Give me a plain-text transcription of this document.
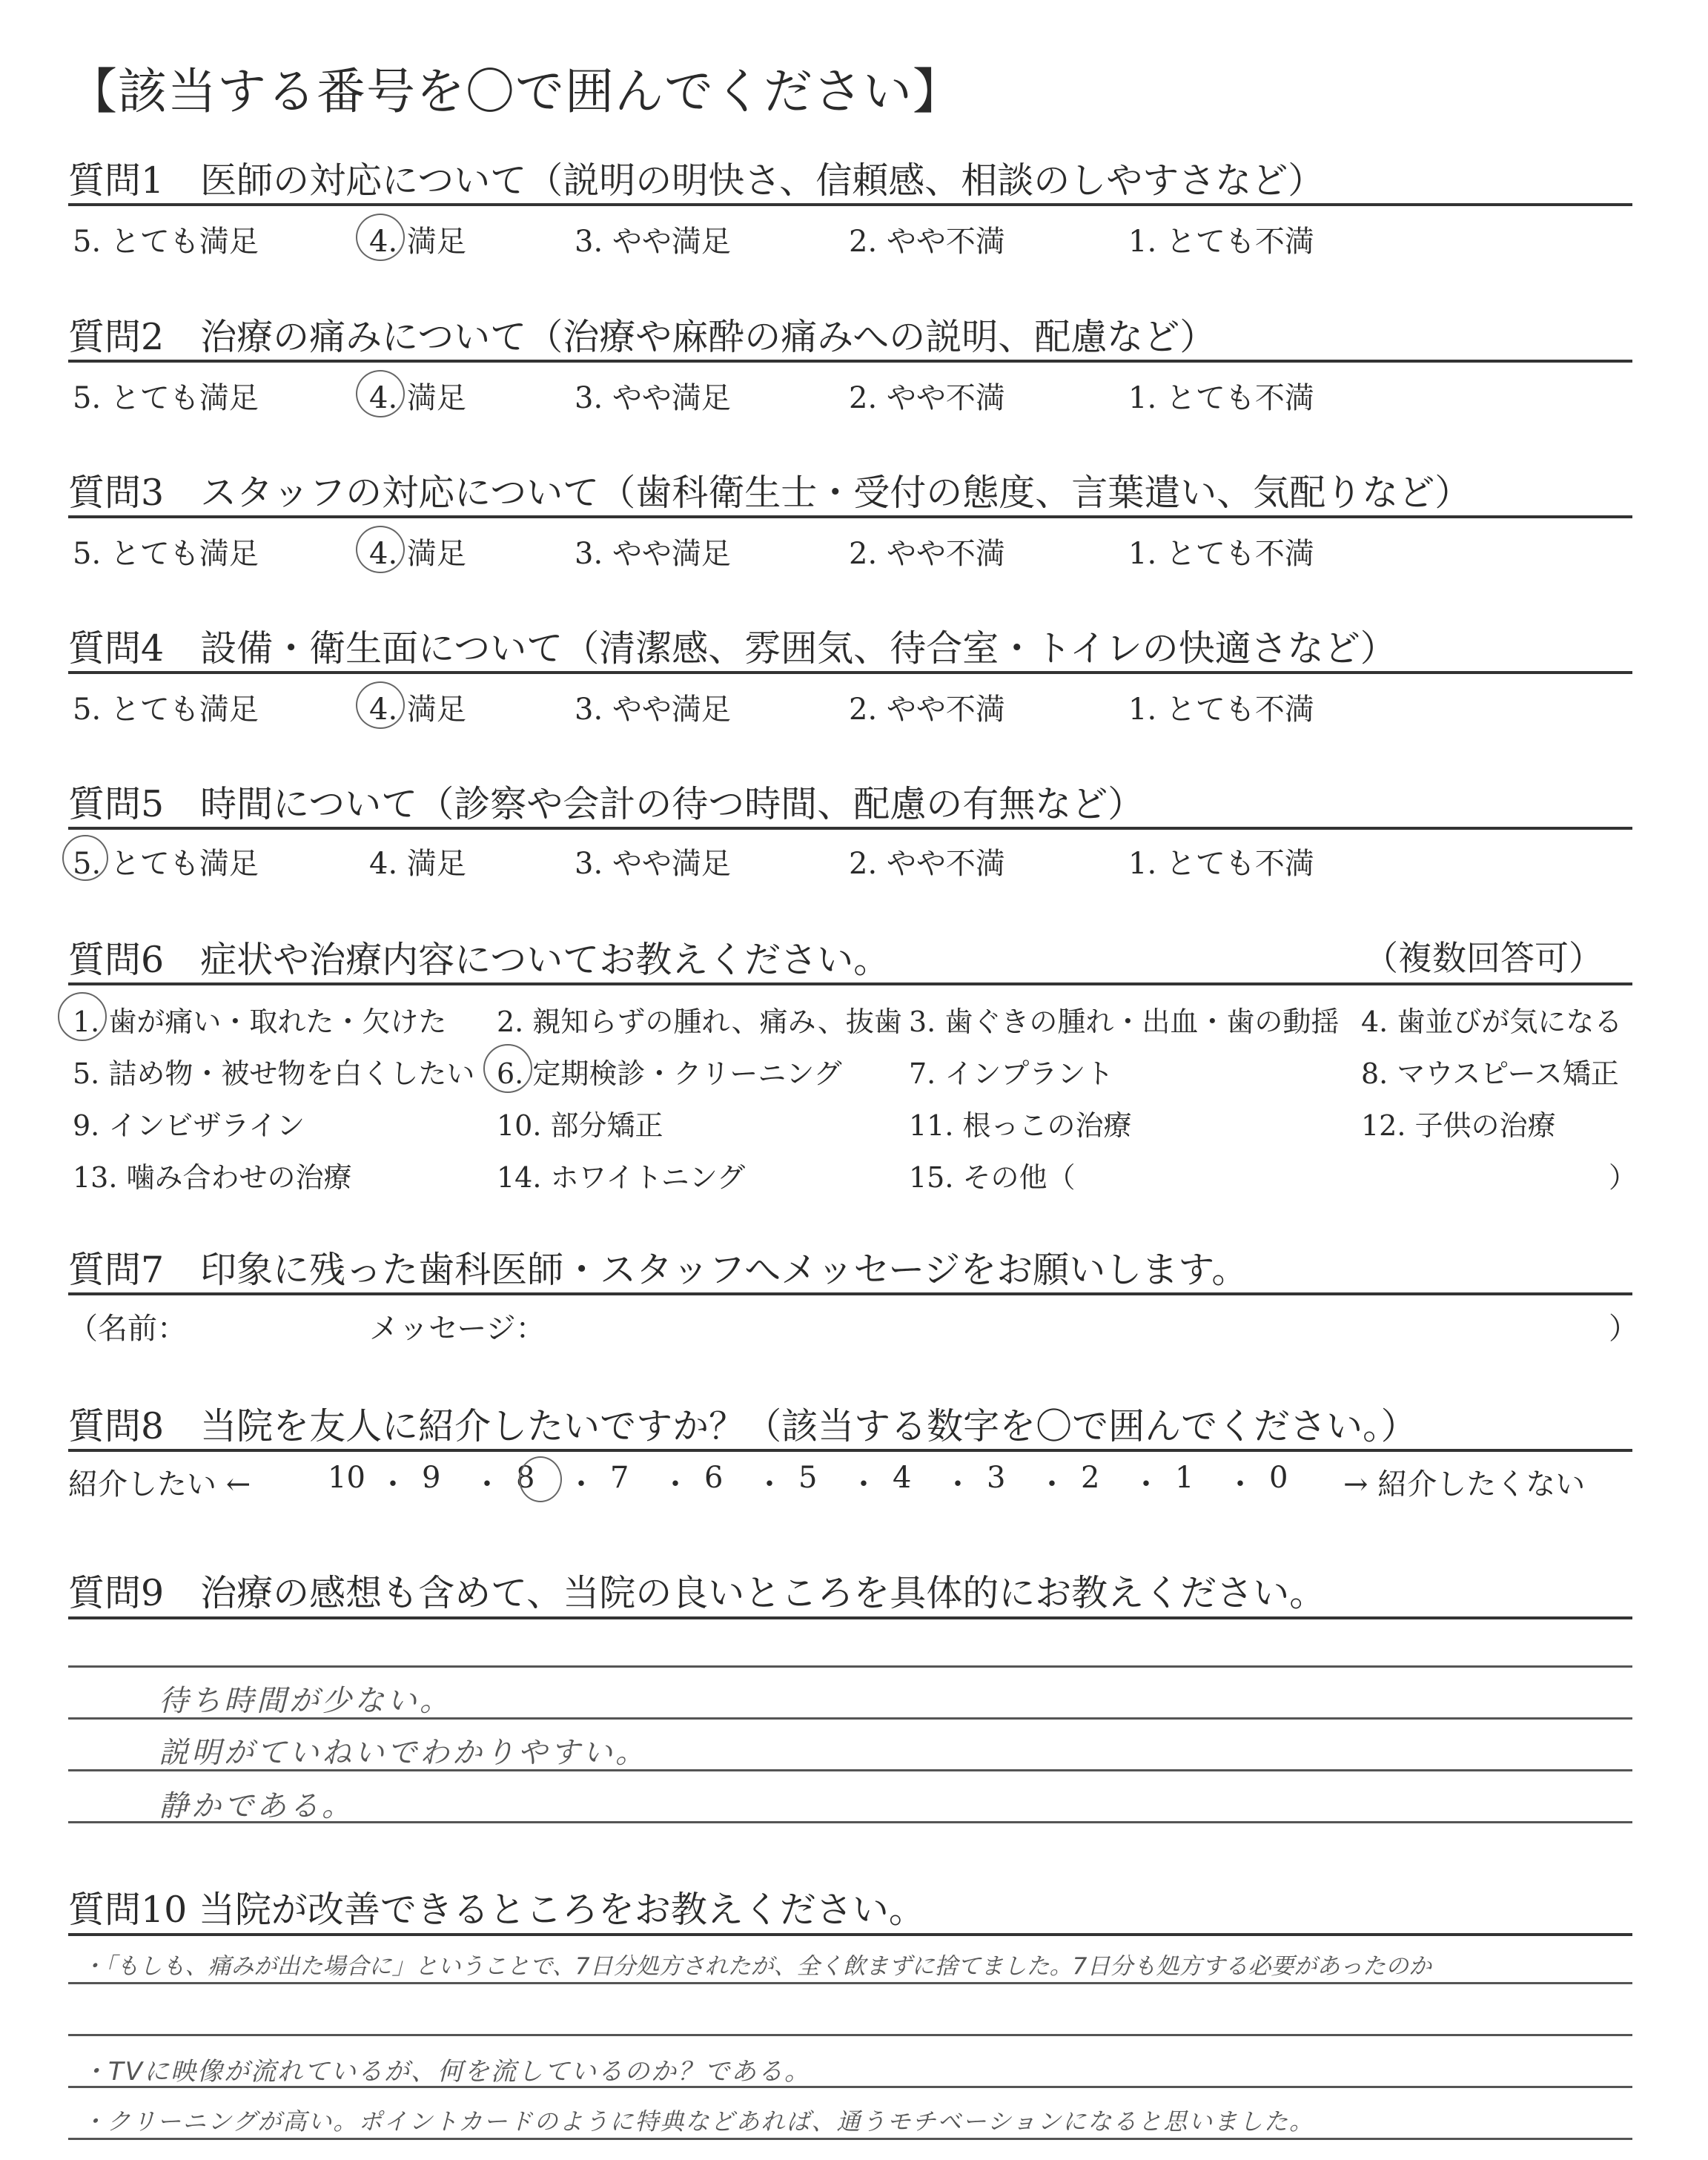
【該当する番号を〇で囲んでください】
質問1　医師の対応について（説明の明快さ、信頼感、相談のしやすさなど）
5. とても満足	4. 満足	3. やや満足	2. やや不満	1. とても不満
質問2　治療の痛みについて（治療や麻酔の痛みへの説明、配慮など）
5. とても満足	4. 満足	3. やや満足	2. やや不満	1. とても不満
質問3　スタッフの対応について（歯科衛生士・受付の態度、言葉遣い、気配りなど）
5. とても満足	4. 満足	3. やや満足	2. やや不満	1. とても不満
質問4　設備・衛生面について（清潔感、雰囲気、待合室・トイレの快適さなど）
5. とても満足	4. 満足	3. やや満足	2. やや不満	1. とても不満
質問5　時間について（診察や会計の待つ時間、配慮の有無など）
5. とても満足	4. 満足	3. やや満足	2. やや不満	1. とても不満
質問6　症状や治療内容についてお教えください。	（複数回答可）
1. 歯が痛い・取れた・欠けた 2. 親知らずの腫れ、痛み、抜歯 3. 歯ぐきの腫れ・出血・歯の動揺 4. 歯並びが気になる
5. 詰め物・被せ物を白くしたい 6. 定期検診・クリーニング 7. インプラント	8. マウスピース矯正
9. インビザライン	10. 部分矯正	11. 根っこの治療	12. 子供の治療
13. 噛み合わせの治療	14. ホワイトニング	15. その他（	）
質問7　印象に残った歯科医師・スタッフへメッセージをお願いします。
（名前：	メッセージ：	）
質問8　当院を友人に紹介したいですか？（該当する数字を〇で囲んでください。）
紹介したい ←	→ 紹介したくない
10 ・ 9 ・ 8 ・ 7 ・ 6 ・ 5 ・ 4 ・ 3 ・ 2 ・ 1 ・ 0
質問9　治療の感想も含めて、当院の良いところを具体的にお教えください。
待ち時間が少ない。
説明がていねいでわかりやすい。
静かである。
質問10 当院が改善できるところをお教えください。
・「もしも、痛みが出た場合に」ということで、7日分処方されたが、全く飲まずに捨てました。7日分も処方する必要があったのか
・TVに映像が流れているが、何を流しているのか？である。
・クリーニングが高い。ポイントカードのように特典などあれば、通うモチベーションになると思いました。
